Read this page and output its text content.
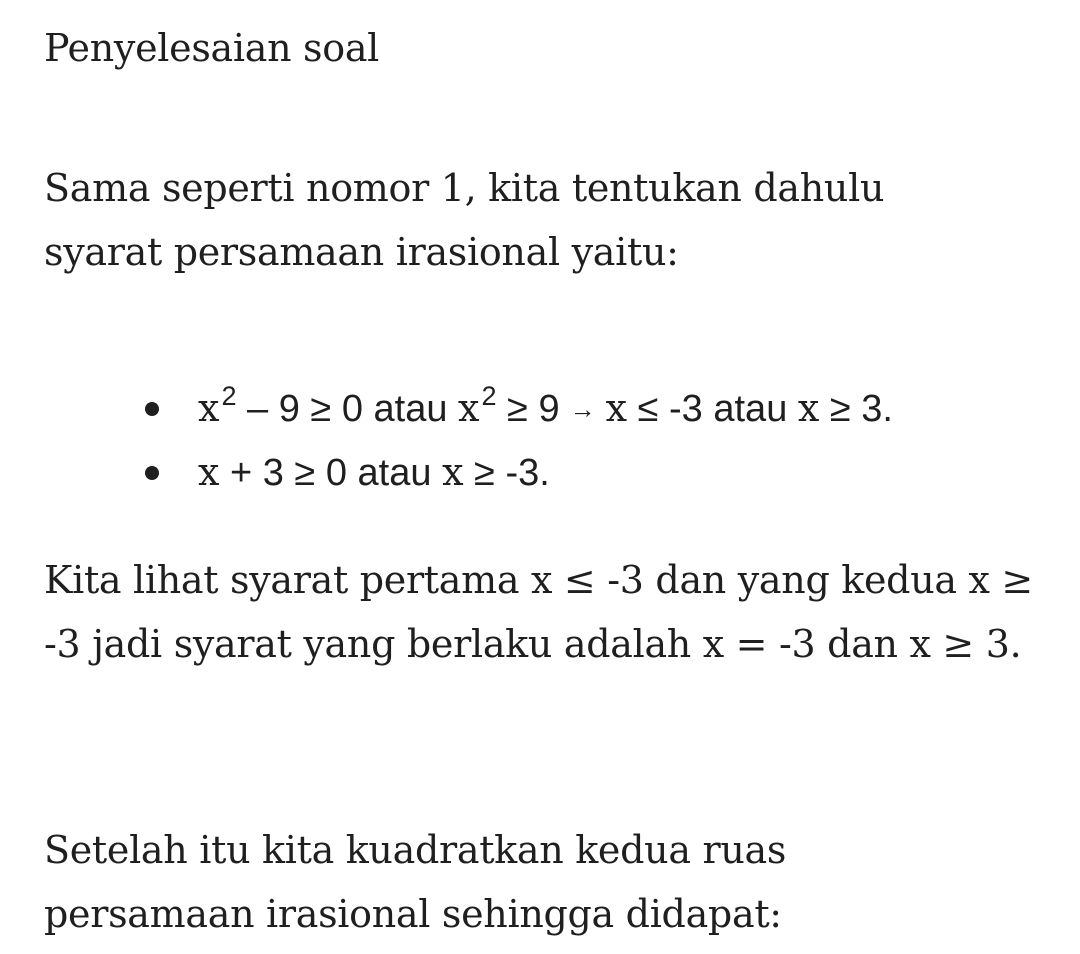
Penyelesaian soal

Sama seperti nomor 1, kita tentukan dahulu syarat persamaan irasional yaitu:

$x^2 - 9 \ge 0$ atau $x^2 \ge 9 \to x \le -3$ atau x ≥ 3.
x + 3 ≥ 0 atau x ≥ -3.

Kita lihat syarat pertama x ≤ -3 dan yang kedua x ≥ -3 jadi syarat yang berlaku adalah x = -3 dan x ≥ 3.

Setelah itu kita kuadratkan kedua ruas persamaan irasional sehingga didapat:
